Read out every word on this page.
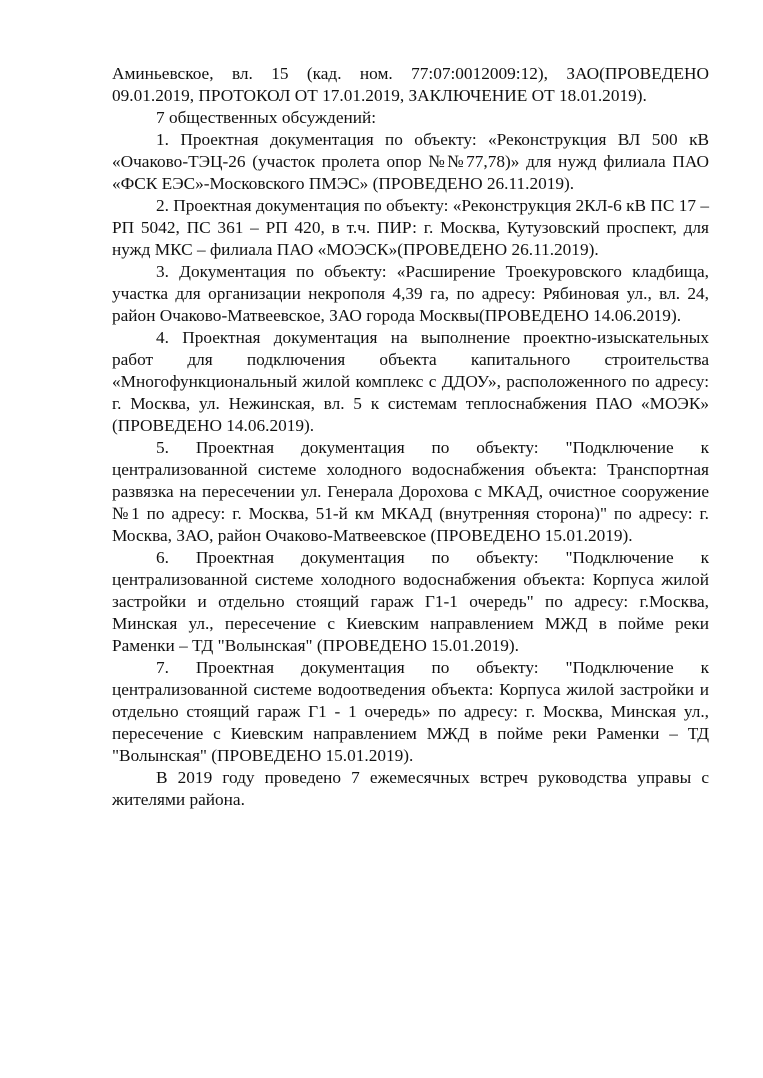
Аминьевское, вл. 15 (кад. ном. 77:07:0012009:12), ЗАО(ПРОВЕДЕНО 09.01.2019, ПРОТОКОЛ ОТ 17.01.2019, ЗАКЛЮЧЕНИЕ ОТ 18.01.2019).

7 общественных обсуждений:

1. Проектная документация по объекту: «Реконструкция ВЛ 500 кВ «Очаково-ТЭЦ-26 (участок пролета опор №№77,78)» для нужд филиала ПАО «ФСК ЕЭС»-Московского ПМЭС» (ПРОВЕДЕНО 26.11.2019).

2. Проектная документация по объекту: «Реконструкция 2КЛ-6 кВ ПС 17 – РП 5042, ПС 361 – РП 420, в т.ч. ПИР: г. Москва, Кутузовский проспект, для нужд МКС – филиала ПАО «МОЭСК»(ПРОВЕДЕНО 26.11.2019).

3. Документация по объекту: «Расширение Троекуровского кладбища, участка для организации некрополя 4,39 га, по адресу: Рябиновая ул., вл. 24, район Очаково-Матвеевское, ЗАО города Москвы(ПРОВЕДЕНО 14.06.2019).

4. Проектная документация на выполнение проектно-изыскательных работ для подключения объекта капитального строительства «Многофункциональный жилой комплекс с ДДОУ», расположенного по адресу: г. Москва, ул. Нежинская, вл. 5 к системам теплоснабжения ПАО «МОЭК» (ПРОВЕДЕНО 14.06.2019).

5. Проектная документация по объекту: "Подключение к централизованной системе холодного водоснабжения объекта: Транспортная развязка на пересечении ул. Генерала Дорохова с МКАД, очистное сооружение №1 по адресу: г. Москва, 51-й км МКАД (внутренняя сторона)" по адресу: г. Москва, ЗАО, район Очаково-Матвеевское (ПРОВЕДЕНО 15.01.2019).

6. Проектная документация по объекту: "Подключение к централизованной системе холодного водоснабжения объекта: Корпуса жилой застройки и отдельно стоящий гараж Г1-1 очередь" по адресу: г.Москва, Минская ул., пересечение с Киевским направлением МЖД в пойме реки Раменки – ТД "Волынская" (ПРОВЕДЕНО 15.01.2019).

7. Проектная документация по объекту: "Подключение к централизованной системе водоотведения объекта: Корпуса жилой застройки и отдельно стоящий гараж Г1 - 1 очередь» по адресу: г. Москва, Минская ул., пересечение с Киевским направлением МЖД в пойме реки Раменки – ТД "Волынская" (ПРОВЕДЕНО 15.01.2019).

В 2019 году проведено 7 ежемесячных встреч руководства управы с жителями района.
